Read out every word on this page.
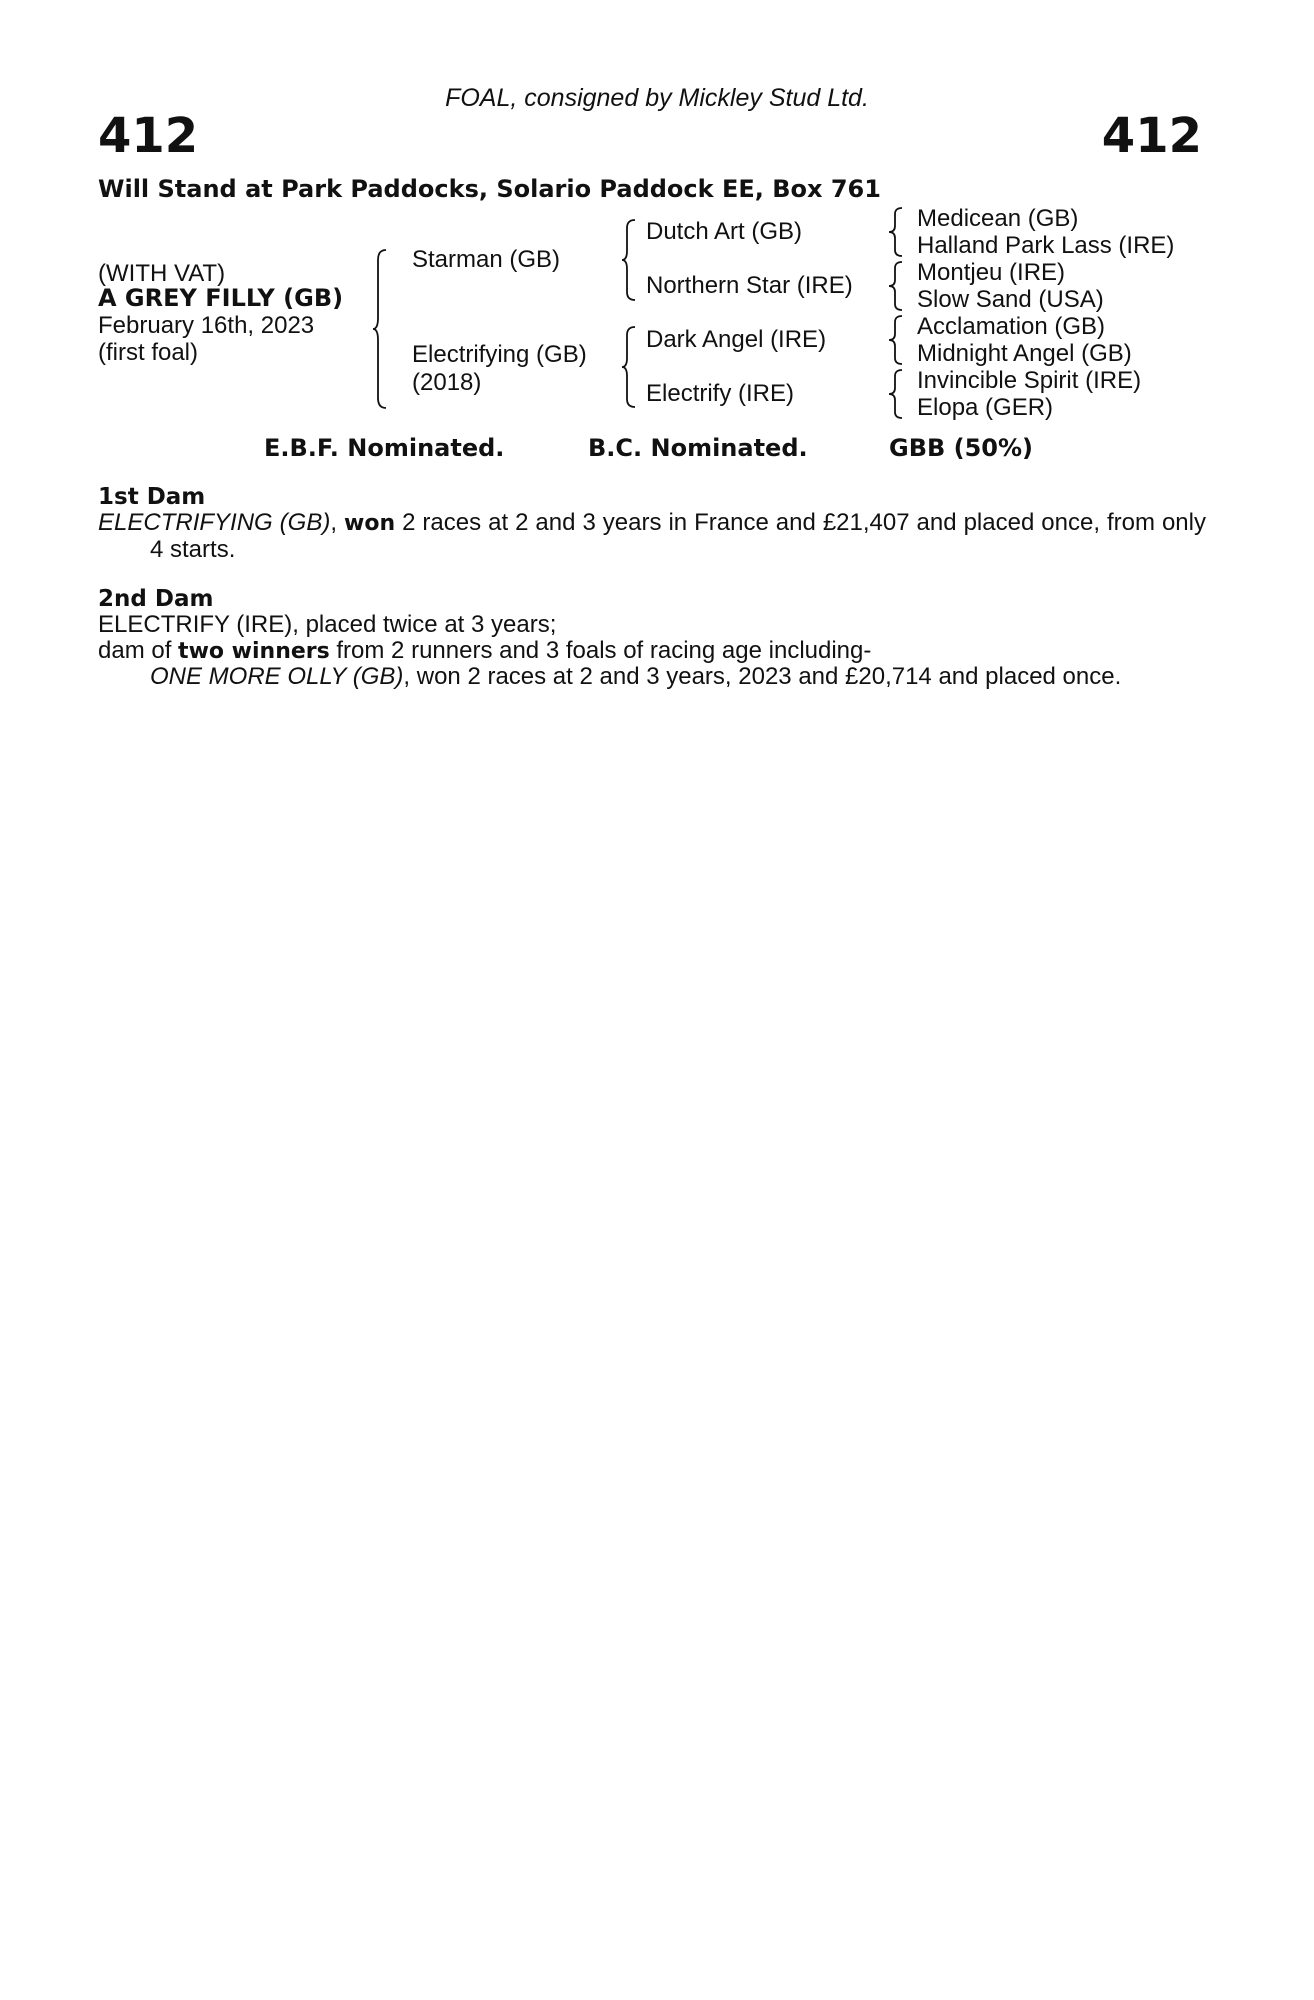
FOAL, consigned by Mickley Stud Ltd.
412	412
Will Stand at Park Paddocks, Solario Paddock EE, Box 761
(WITH VAT)
A GREY FILLY (GB)
February 16th, 2023
(first foal)
Starman (GB)
Electrifying (GB)
(2018)
Dutch Art (GB)
Northern Star (IRE)
Dark Angel (IRE)
Electrify (IRE)
Medicean (GB)
Halland Park Lass (IRE)
Montjeu (IRE)
Slow Sand (USA)
Acclamation (GB)
Midnight Angel (GB)
Invincible Spirit (IRE)
Elopa (GER)
E.B.F. Nominated.	B.C. Nominated.	GBB (50%)
1st Dam
ELECTRIFYING (GB), won 2 races at 2 and 3 years in France and £21,407 and placed once, from only 4 starts.
2nd Dam
ELECTRIFY (IRE), placed twice at 3 years;
dam of two winners from 2 runners and 3 foals of racing age including-
ONE MORE OLLY (GB), won 2 races at 2 and 3 years, 2023 and £20,714 and placed once.
